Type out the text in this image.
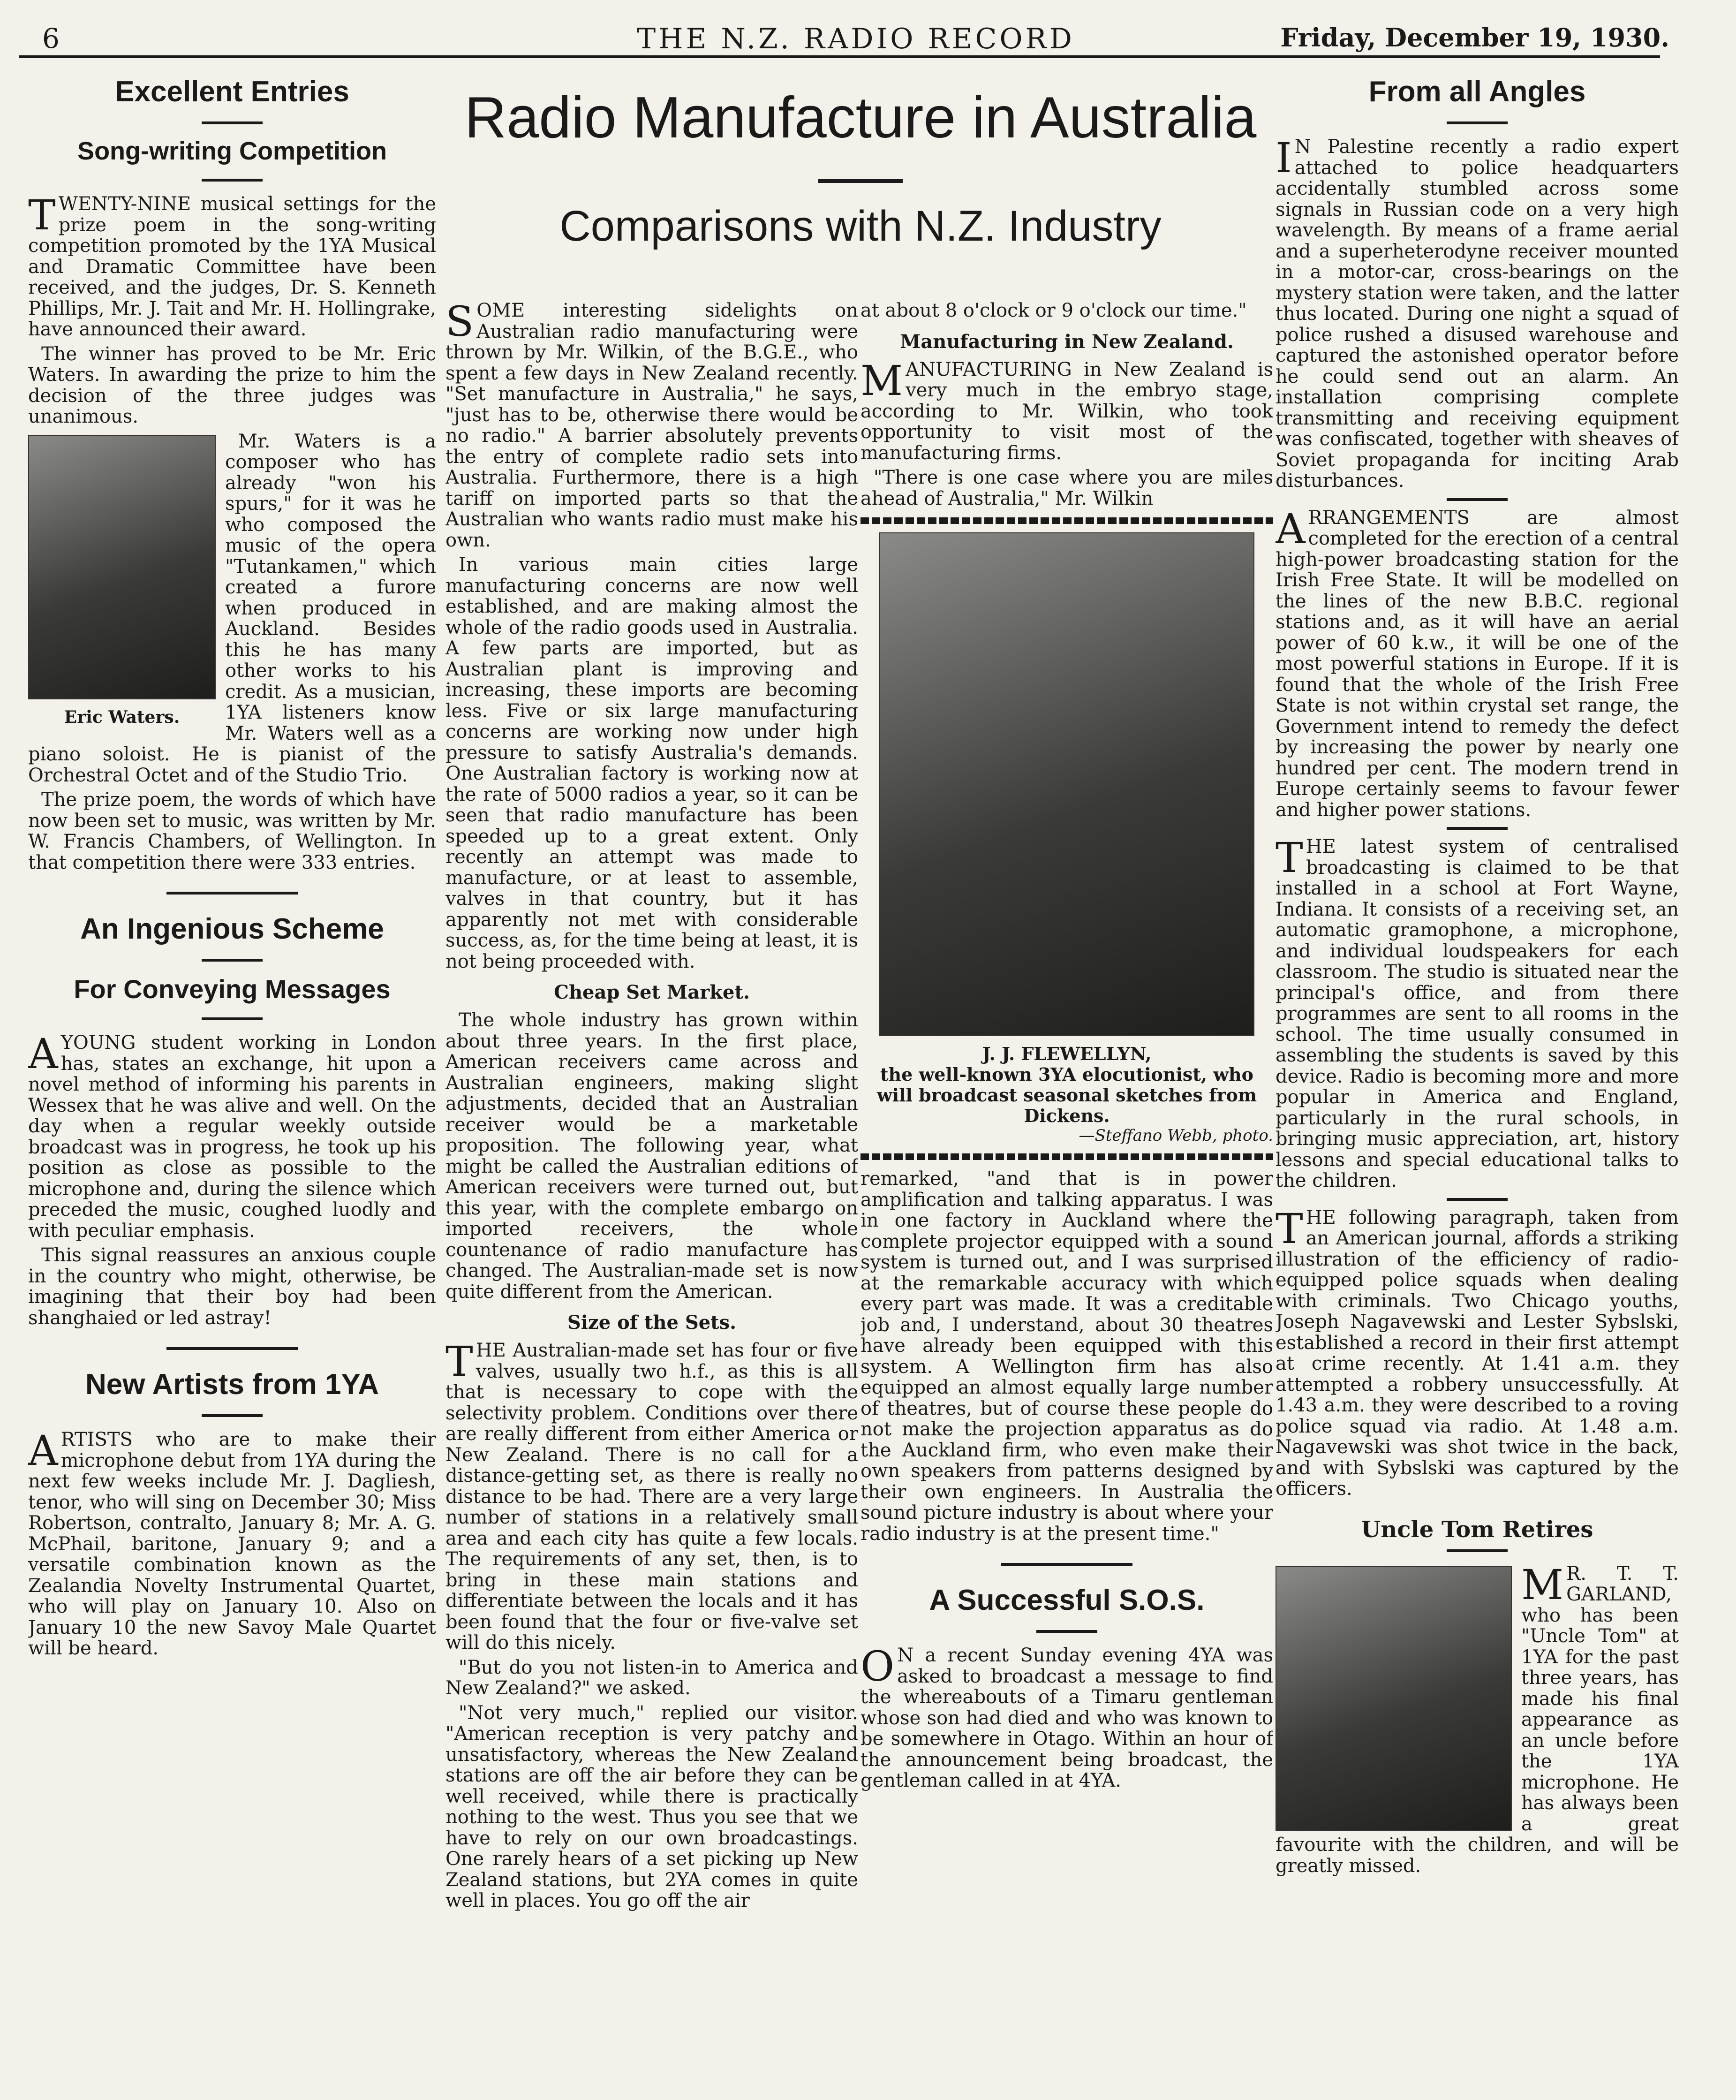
6	THE N.Z. RADIO RECORD	Friday, December 19, 1930.
Excellent Entries
Song-writing Competition

TWENTY-NINE musical settings for the prize poem in the song-writing competition promoted by the 1YA Musical and Dramatic Committee have been received, and the judges, Dr. S. Kenneth Phillips, Mr. J. Tait and Mr. H. Hollingrake, have announced their award.

The winner has proved to be Mr. Eric Waters. In awarding the prize to him the decision of the three judges was unanimous.

Eric Waters.

Mr. Waters is a composer who has already "won his spurs," for it was he who composed the music of the opera "Tutankamen," which created a furore when produced in Auckland. Besides this he has many other works to his credit. As a musician, 1YA listeners know Mr. Waters well as a piano soloist. He is pianist of the Orchestral Octet and of the Studio Trio.

The prize poem, the words of which have now been set to music, was written by Mr. W. Francis Chambers, of Wellington. In that competition there were 333 entries.

An Ingenious Scheme
For Conveying Messages

AYOUNG student working in London has, states an exchange, hit upon a novel method of informing his parents in Wessex that he was alive and well. On the day when a regular weekly outside broadcast was in progress, he took up his position as close as possible to the microphone and, during the silence which preceded the music, coughed luodly and with peculiar emphasis.

This signal reassures an anxious couple in the country who might, otherwise, be imagining that their boy had been shanghaied or led astray!

New Artists from 1YA

ARTISTS who are to make their microphone debut from 1YA during the next few weeks include Mr. J. Dagliesh, tenor, who will sing on December 30; Miss Robertson, contralto, January 8; Mr. A. G. McPhail, baritone, January 9; and a versatile combination known as the Zealandia Novelty Instrumental Quartet, who will play on January 10. Also on January 10 the new Savoy Male Quartet will be heard.

Radio Manufacture in Australia
Comparisons with N.Z. Industry

SOME interesting sidelights on Australian radio manufacturing were thrown by Mr. Wilkin, of the B.G.E., who spent a few days in New Zealand recently. "Set manufacture in Australia," he says, "just has to be, otherwise there would be no radio." A barrier absolutely prevents the entry of complete radio sets into Australia. Furthermore, there is a high tariff on imported parts so that the Australian who wants radio must make his own.

In various main cities large manufacturing concerns are now well established, and are making almost the whole of the radio goods used in Australia. A few parts are imported, but as Australian plant is improving and increasing, these imports are becoming less. Five or six large manufacturing concerns are working now under high pressure to satisfy Australia's demands. One Australian factory is working now at the rate of 5000 radios a year, so it can be seen that radio manufacture has been speeded up to a great extent. Only recently an attempt was made to manufacture, or at least to assemble, valves in that country, but it has apparently not met with considerable success, as, for the time being at least, it is not being proceeded with.

Cheap Set Market.

The whole industry has grown within about three years. In the first place, American receivers came across and Australian engineers, making slight adjustments, decided that an Australian receiver would be a marketable proposition. The following year, what might be called the Australian editions of American receivers were turned out, but this year, with the complete embargo on imported receivers, the whole countenance of radio manufacture has changed. The Australian-made set is now quite different from the American.

Size of the Sets.

THE Australian-made set has four or five valves, usually two h.f., as this is all that is necessary to cope with the selectivity problem. Conditions over there are really different from either America or New Zealand. There is no call for a distance-getting set, as there is really no distance to be had. There are a very large number of stations in a relatively small area and each city has quite a few locals. The requirements of any set, then, is to bring in these main stations and differentiate between the locals and it has been found that the four or five-valve set will do this nicely.

"But do you not listen-in to America and New Zealand?" we asked.

"Not very much," replied our visitor. "American reception is very patchy and unsatisfactory, whereas the New Zealand stations are off the air before they can be well received, while there is practically nothing to the west. Thus you see that we have to rely on our own broadcastings. One rarely hears of a set picking up New Zealand stations, but 2YA comes in quite well in places. You go off the air

at about 8 o'clock or 9 o'clock our time."

Manufacturing in New Zealand.

MANUFACTURING in New Zealand is very much in the embryo stage, according to Mr. Wilkin, who took opportunity to visit most of the manufacturing firms.

"There is one case where you are miles ahead of Australia," Mr. Wilkin

J. J. FLEWELLYN,
the well-known 3YA elocutionist, who will broadcast seasonal sketches from Dickens.
—Steffano Webb, photo.

remarked, "and that is in power amplification and talking apparatus. I was in one factory in Auckland where the complete projector equipped with a sound system is turned out, and I was surprised at the remarkable accuracy with which every part was made. It was a creditable job and, I understand, about 30 theatres have already been equipped with this system. A Wellington firm has also equipped an almost equally large number of theatres, but of course these people do not make the projection apparatus as do the Auckland firm, who even make their own speakers from patterns designed by their own engineers. In Australia the sound picture industry is about where your radio industry is at the present time."

A Successful S.O.S.

O N a recent Sunday evening 4YA was asked to broadcast a message to find the whereabouts of a Timaru gentleman whose son had died and who was known to be somewhere in Otago. Within an hour of the announcement being broadcast, the gentleman called in at 4YA.

From all Angles

I N Palestine recently a radio expert attached to police headquarters accidentally stumbled across some signals in Russian code on a very high wavelength. By means of a frame aerial and a superheterodyne receiver mounted in a motor-car, cross-bearings on the mystery station were taken, and the latter thus located. During one night a squad of police rushed a disused warehouse and captured the astonished operator before he could send out an alarm. An installation comprising complete transmitting and receiving equipment was confiscated, together with sheaves of Soviet propaganda for inciting Arab disturbances.

ARRANGEMENTS are almost completed for the erection of a central high-power broadcasting station for the Irish Free State. It will be modelled on the lines of the new B.B.C. regional stations and, as it will have an aerial power of 60 k.w., it will be one of the most powerful stations in Europe. If it is found that the whole of the Irish Free State is not within crystal set range, the Government intend to remedy the defect by increasing the power by nearly one hundred per cent. The modern trend in Europe certainly seems to favour fewer and higher power stations.

THE latest system of centralised broadcasting is claimed to be that installed in a school at Fort Wayne, Indiana. It consists of a receiving set, an automatic gramophone, a microphone, and individual loudspeakers for each classroom. The studio is situated near the principal's office, and from there programmes are sent to all rooms in the school. The time usually consumed in assembling the students is saved by this device. Radio is becoming more and more popular in America and England, particularly in the rural schools, in bringing music appreciation, art, history lessons and special educational talks to the children.

THE following paragraph, taken from an American journal, affords a striking illustration of the efficiency of radio-equipped police squads when dealing with criminals. Two Chicago youths, Joseph Nagavewski and Lester Sybslski, established a record in their first attempt at crime recently. At 1.41 a.m. they attempted a robbery unsuccessfully. At 1.43 a.m. they were described to a roving police squad via radio. At 1.48 a.m. Nagavewski was shot twice in the back, and with Sybslski was captured by the officers.

Uncle Tom Retires

M R. T. T. GARLAND, who has been "Uncle Tom" at 1YA for the past three years, has made his final appearance as an uncle before the 1YA microphone. He has always been a great favourite with the children, and will be greatly missed.
